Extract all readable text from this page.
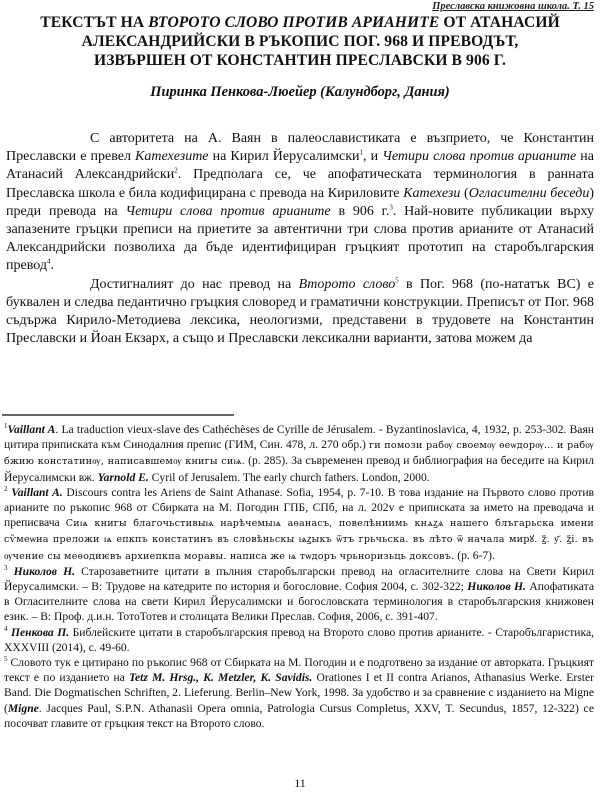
Преславска книжовна школа. Т. 15
ТЕКСТЪТ НА ВТОРОТО СЛОВО ПРОТИВ АРИАНИТЕ ОТ АТАНАСИЙ
АЛЕКСАНДРИЙСКИ В РЪКОПИС ПОГ. 968 И ПРЕВОДЪТ,
ИЗВЪРШЕН ОТ КОНСТАНТИН ПРЕСЛАВСКИ В 906 Г.
Пиринка Пенкова-Люейер (Калундборг, Дания)

С авторитета на А. Ваян в палеославистиката е възприето, че Константин Преславски е превел Катехезите на Кирил Йерусалимски$^1$, и Четири слова против арианите на Атанасий Александрийски$^2$. Предполага се, че апофатическата терминология в ранната Преславска школа е била кодифицирана с превода на Кириловите Катехези (Огласителни беседи) преди превода на Четири слова против арианите в 906 г.$^3$. Най-новите публикации върху запазените гръцки преписи на приетите за автентични три слова против арианите от Атанасий Александрийски позволиха да бъде идентифициран гръцкият прототип на старобългарския превод$^4$.

Достигналият до нас превод на Второто слово$^5$ в Пог. 968 (по-нататък ВС) е буквален и следва педантично гръцкия словоред и граматични конструкции. Преписът от Пог. 968 съдържа Кирило-Методиева лексика, неологизми, представени в трудовете на Константин Преславски и Йоан Екзарх, а също и Преславски лексикални варианти, затова можем да

$^1$Vaillant A. La traduction vieux-slave des Cathéchèses de Cyrille de Jérusalem. - Byzantinoslavica, 4, 1932, p. 253-302. Ваян цитира приписката към Синодалния препис (ГИМ, Син. 478, л. 270 обр.) ги помози рабѹ своемѹ ѳеѡдорѹ... и рабѹ бжию констатинѹ, написавшемѹ книгы сиѩ. (p. 285). За съвременен превод и библиография на беседите на Кирил Йерусалимски вж. Yarnold E. Cyril of Jerusalem. The early church fathers. London, 2000.

$^2$ Vaillant A. Discours contra les Ariens de Saint Athanase. Sofia, 1954, p. 7-10. В това издание на Първото слово против арианите по ръкопис 968 от Сбирката на М. Погодин ГПБ, СПб, на л. 202v е приписката за името на преводача и преписвача Сиѩ книгы благочьстивыѩ нарѣчемыѩ аѳанасъ, повелѣниимь кнѧꙁѧ нашего блъгарьска имени сѷмеѡна преложи ѩ епкпъ констатинъ въ словѣньскы ѩꙁыкъ ѿтъ грьчьска. въ лѣто ѿ начала мирꙋ. ꙁ҃. у҃. ꙁ҃і. въ ѹчение сы меѳодиѥвъ архиепкпа моравы. написа же ѩ тѡдоръ чрьноризьць доксовъ. (p. 6-7).

$^3$ Николов Н. Старозаветните цитати в пълния старобългарски превод на огласителните слова на Свети Кирил Йерусалимски. – В: Трудове на катедрите по история и богословие. София 2004, с. 302-322; Николов Н. Апофатиката в Огласителните слова на свети Кирил Йерусалимски и богословската терминология в старобългарския книжовен език. – В: Проф. д.и.н. ТотоТотев и столицата Велики Преслав. София, 2006, с. 391-407.

$^4$ Пенкова П. Библейските цитати в старобългарския превод на Второто слово против арианите. - Старобългаристика, XXXVIII (2014), с. 49-60.

$^5$ Словото тук е цитирано по ръкопис 968 от Сбирката на М. Погодин и е подготвено за издание от авторката. Гръцкият текст е по изданието на Tetz M. Hrsg., K. Metzler, K. Savidis. Orationes I et II contra Arianos, Athanasius Werke. Erster Band. Die Dogmatischen Schriften, 2. Lieferung. Berlin–New York, 1998. За удобство и за сравнение с изданието на Migne (Migne. Jacques Paul, S.P.N. Athanasii Opera omnia, Patrologia Cursus Completus, XXV, T. Secundus, 1857, 12-322) се посочват главите от гръцкия текст на Второто слово.

11
